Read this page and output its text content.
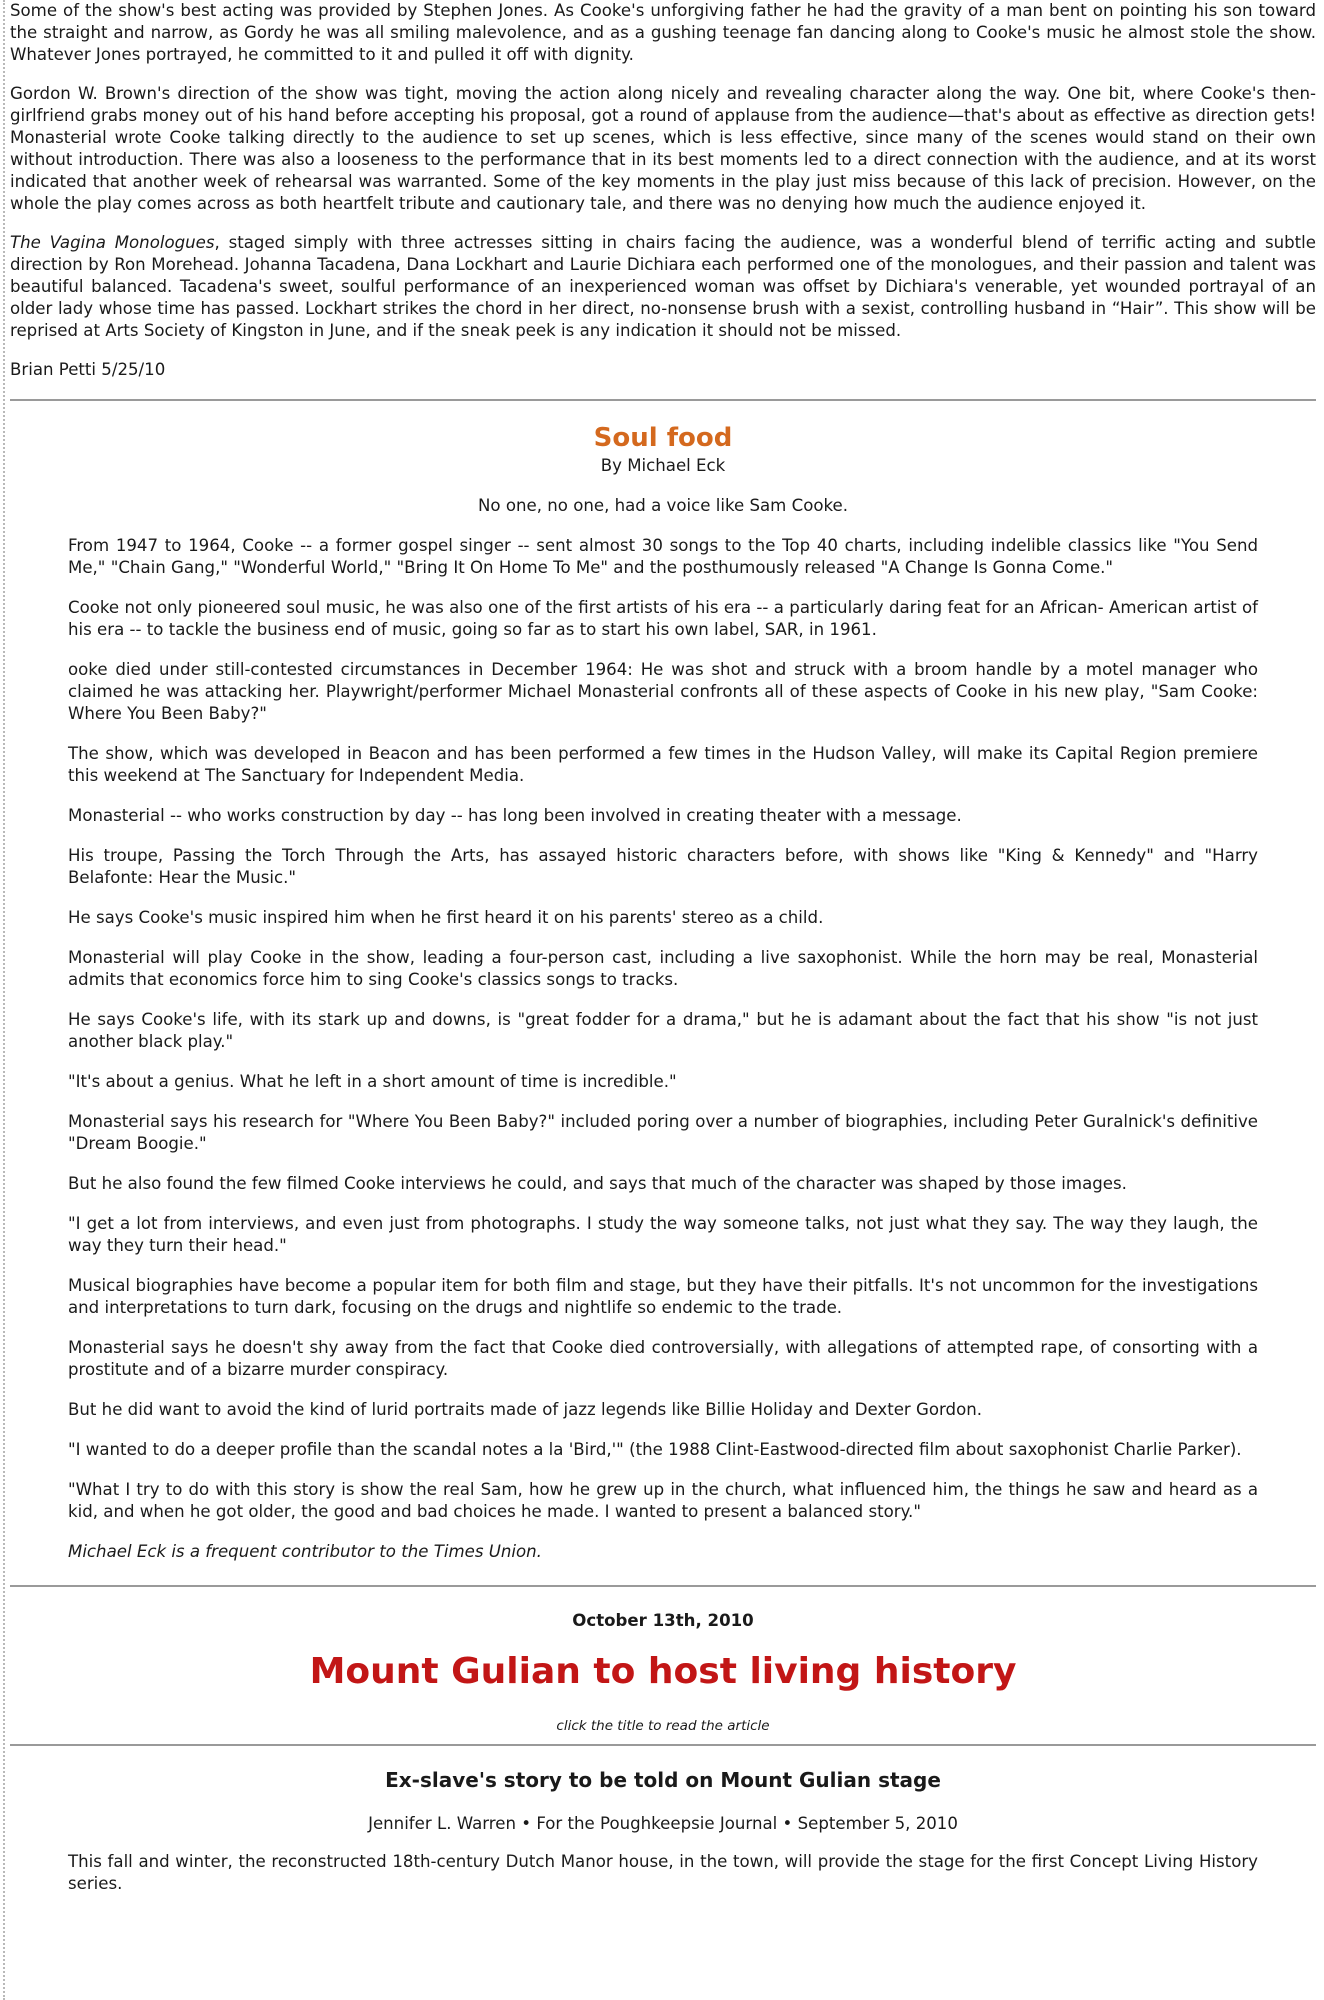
Some of the show's best acting was provided by Stephen Jones. As Cooke's unforgiving father he had the gravity of a man bent on pointing his son toward the straight and narrow, as Gordy he was all smiling malevolence, and as a gushing teenage fan dancing along to Cooke's music he almost stole the show. Whatever Jones portrayed, he committed to it and pulled it off with dignity.

Gordon W. Brown's direction of the show was tight, moving the action along nicely and revealing character along the way. One bit, where Cooke's then-girlfriend grabs money out of his hand before accepting his proposal, got a round of applause from the audience—that's about as effective as direction gets! Monasterial wrote Cooke talking directly to the audience to set up scenes, which is less effective, since many of the scenes would stand on their own without introduction. There was also a looseness to the performance that in its best moments led to a direct connection with the audience, and at its worst indicated that another week of rehearsal was warranted. Some of the key moments in the play just miss because of this lack of precision. However, on the whole the play comes across as both heartfelt tribute and cautionary tale, and there was no denying how much the audience enjoyed it.

The Vagina Monologues, staged simply with three actresses sitting in chairs facing the audience, was a wonderful blend of terrific acting and subtle direction by Ron Morehead. Johanna Tacadena, Dana Lockhart and Laurie Dichiara each performed one of the monologues, and their passion and talent was beautiful balanced. Tacadena's sweet, soulful performance of an inexperienced woman was offset by Dichiara's venerable, yet wounded portrayal of an older lady whose time has passed. Lockhart strikes the chord in her direct, no-nonsense brush with a sexist, controlling husband in “Hair”. This show will be reprised at Arts Society of Kingston in June, and if the sneak peek is any indication it should not be missed.

Brian Petti 5/25/10

Soul food
By Michael Eck

No one, no one, had a voice like Sam Cooke.

From 1947 to 1964, Cooke -- a former gospel singer -- sent almost 30 songs to the Top 40 charts, including indelible classics like "You Send Me," "Chain Gang," "Wonderful World," "Bring It On Home To Me" and the posthumously released "A Change Is Gonna Come."

Cooke not only pioneered soul music, he was also one of the first artists of his era -- a particularly daring feat for an African- American artist of his era -- to tackle the business end of music, going so far as to start his own label, SAR, in 1961.

ooke died under still-contested circumstances in December 1964: He was shot and struck with a broom handle by a motel manager who claimed he was attacking her. Playwright/performer Michael Monasterial confronts all of these aspects of Cooke in his new play, "Sam Cooke: Where You Been Baby?"

The show, which was developed in Beacon and has been performed a few times in the Hudson Valley, will make its Capital Region premiere this weekend at The Sanctuary for Independent Media.

Monasterial -- who works construction by day -- has long been involved in creating theater with a message.

His troupe, Passing the Torch Through the Arts, has assayed historic characters before, with shows like "King & Kennedy" and "Harry Belafonte: Hear the Music."

He says Cooke's music inspired him when he first heard it on his parents' stereo as a child.

Monasterial will play Cooke in the show, leading a four-person cast, including a live saxophonist. While the horn may be real, Monasterial admits that economics force him to sing Cooke's classics songs to tracks.

He says Cooke's life, with its stark up and downs, is "great fodder for a drama," but he is adamant about the fact that his show "is not just another black play."

"It's about a genius. What he left in a short amount of time is incredible."

Monasterial says his research for "Where You Been Baby?" included poring over a number of biographies, including Peter Guralnick's definitive "Dream Boogie."

But he also found the few filmed Cooke interviews he could, and says that much of the character was shaped by those images.

"I get a lot from interviews, and even just from photographs. I study the way someone talks, not just what they say. The way they laugh, the way they turn their head."

Musical biographies have become a popular item for both film and stage, but they have their pitfalls. It's not uncommon for the investigations and interpretations to turn dark, focusing on the drugs and nightlife so endemic to the trade.

Monasterial says he doesn't shy away from the fact that Cooke died controversially, with allegations of attempted rape, of consorting with a prostitute and of a bizarre murder conspiracy.

But he did want to avoid the kind of lurid portraits made of jazz legends like Billie Holiday and Dexter Gordon.

"I wanted to do a deeper profile than the scandal notes a la 'Bird,'" (the 1988 Clint-Eastwood-directed film about saxophonist Charlie Parker).

"What I try to do with this story is show the real Sam, how he grew up in the church, what influenced him, the things he saw and heard as a kid, and when he got older, the good and bad choices he made. I wanted to present a balanced story."

Michael Eck is a frequent contributor to the Times Union.

October 13th, 2010
Mount Gulian to host living history
click the title to read the article
Ex-slave's story to be told on Mount Gulian stage
Jennifer L. Warren • For the Poughkeepsie Journal • September 5, 2010

This fall and winter, the reconstructed 18th-century Dutch Manor house, in the town, will provide the stage for the first Concept Living History series.
